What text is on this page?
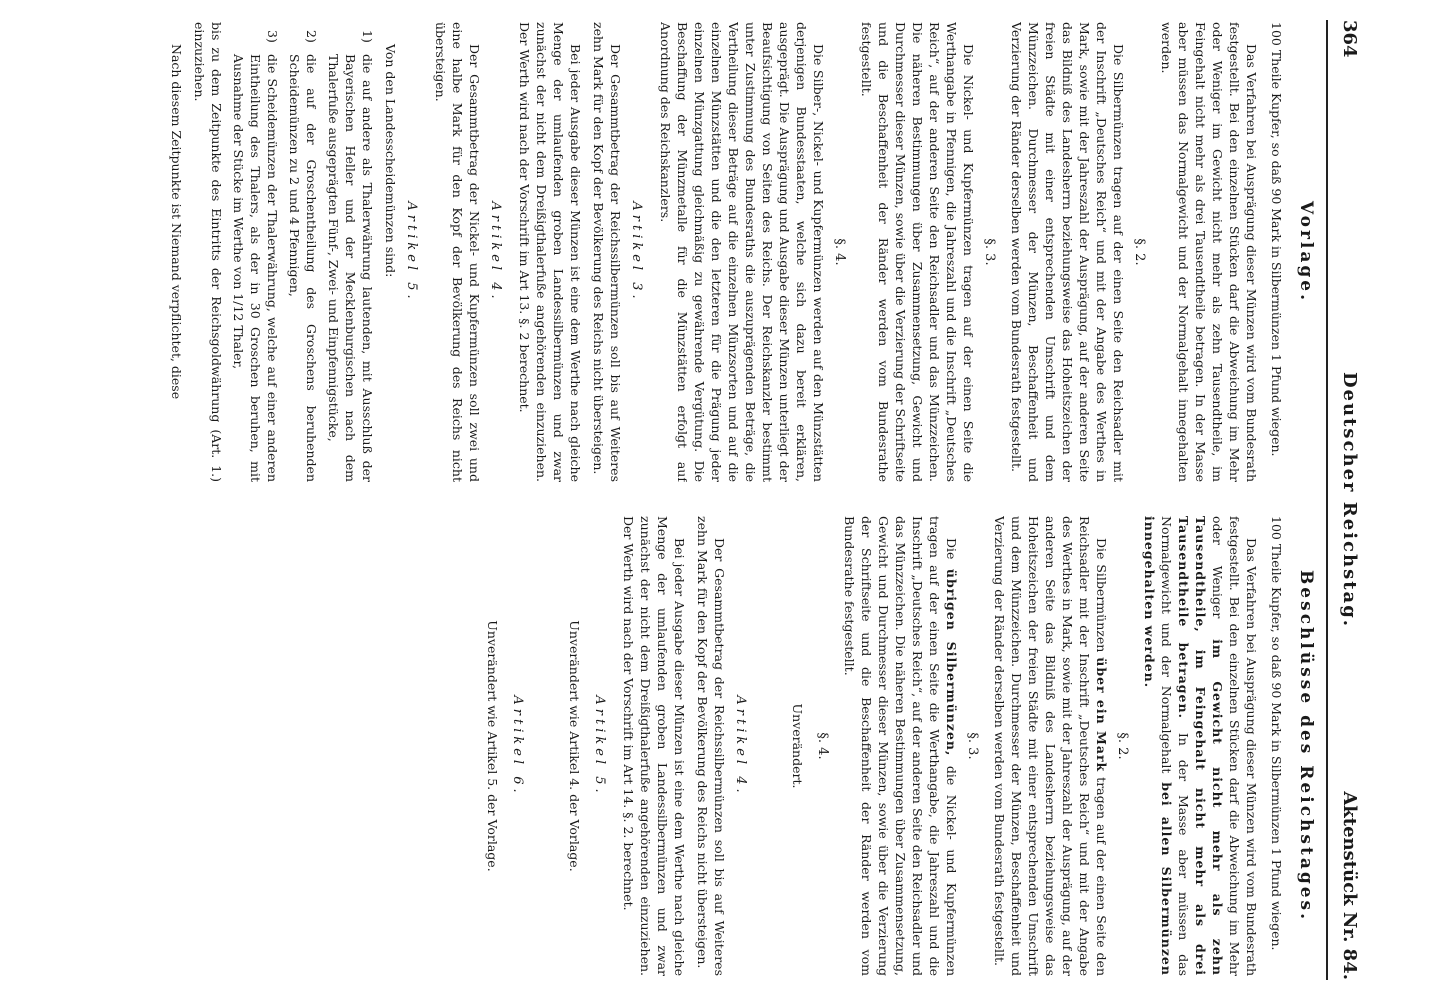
364
Deutscher Reichstag.
Aktenstück Nr. 84.
Vorlage.

100 Theile Kupfer, so daß 90 Mark in Silbermünzen 1 Pfund wiegen.

Das Verfahren bei Ausprägung dieser Münzen wird vom Bundesrath festgestellt. Bei den einzelnen Stücken darf die Abweichung im Mehr oder Weniger im Gewicht nicht mehr als zehn Tausendtheile, im Feingehalt nicht mehr als drei Tausendtheile betragen. In der Masse aber müssen das Normalgewicht und der Normalgehalt innegehalten werden.

§. 2.

Die Silbermünzen tragen auf der einen Seite den Reichsadler mit der Inschrift „Deutsches Reich“ und mit der Angabe des Werthes in Mark, sowie mit der Jahreszahl der Ausprägung, auf der anderen Seite das Bildniß des Landesherrn beziehungsweise das Hoheitszeichen der freien Städte mit einer entsprechenden Umschrift und dem Münzzeichen. Durchmesser der Münzen, Beschaffenheit und Verzierung der Ränder derselben werden vom Bundesrath festgestellt.

§. 3.

Die Nickel- und Kupfermünzen tragen auf der einen Seite die Werthangabe in Pfennigen, die Jahreszahl und die Inschrift „Deutsches Reich“, auf der anderen Seite den Reichsadler und das Münzzeichen. Die näheren Bestimmungen über Zusammensetzung, Gewicht und Durchmesser dieser Münzen, sowie über die Verzierung der Schriftseite und die Beschaffenheit der Ränder werden vom Bundesrathe festgestellt.

§. 4.

Die Silber-, Nickel- und Kupfermünzen werden auf den Münzstätten derjenigen Bundesstaaten, welche sich dazu bereit erklären, ausgeprägt. Die Ausprägung und Ausgabe dieser Münzen unterliegt der Beaufsichtigung von Seiten des Reichs. Der Reichskanzler bestimmt unter Zustimmung des Bundesraths die auszuprägenden Beträge, die Vertheilung dieser Beträge auf die einzelnen Münzsorten und auf die einzelnen Münzstätten und die den letzteren für die Prägung jeder einzelnen Münzgattung gleichmäßig zu gewährende Vergütung. Die Beschaffung der Münzmetalle für die Münzstätten erfolgt auf Anordnung des Reichskanzlers.

Artikel 3.

Der Gesammtbetrag der Reichssilbermünzen soll bis auf Weiteres zehn Mark für den Kopf der Bevölkerung des Reichs nicht übersteigen.

Bei jeder Ausgabe dieser Münzen ist eine dem Werthe nach gleiche Menge der umlaufenden groben Landessilbermünzen und zwar zunächst der nicht dem Dreißigthalerfuße angehörenden einzuziehen. Der Werth wird nach der Vorschrift im Art 13. §. 2 berechnet.

Artikel 4.

Der Gesammtbetrag der Nickel- und Kupfermünzen soll zwei und eine halbe Mark für den Kopf der Bevölkerung des Reichs nicht übersteigen.

Artikel 5.

Von den Landesscheidemünzen sind:

1)
die auf andere als Thalerwährung lautenden, mit Ausschluß der Bayerischen Heller und der Mecklenburgischen nach dem Thalerfuße ausgeprägten Fünf-, Zwei- und Einpfennigstücke,

2)
die auf der Groschentheilung des Groschens beruhenden Scheidemünzen zu 2 und 4 Pfennigen,

3)
die Scheidemünzen der Thalerwährung, welche auf einer anderen Eintheilung des Thalers, als der in 30 Groschen beruhen, mit Ausnahme der Stücke im Werthe von 1/12 Thaler,

bis zu dem Zeitpunkte des Eintritts der Reichsgoldwährung (Art. 1.) einzuziehen.

Nach diesem Zeitpunkte ist Niemand verpflichtet, diese

Beschlüsse des Reichstages.

100 Theile Kupfer, so daß 90 Mark in Silbermünzen 1 Pfund wiegen.

Das Verfahren bei Ausprägung dieser Münzen wird vom Bundesrath festgestellt. Bei den einzelnen Stücken darf die Abweichung im Mehr oder Weniger im Gewicht nicht mehr als zehn Tausendtheile, im Feingehalt nicht mehr als drei Tausendtheile betragen. In der Masse aber müssen das Normalgewicht und der Normalgehalt bei allen Silbermünzen innegehalten werden.

§. 2.

Die Silbermünzen über ein Mark tragen auf der einen Seite den Reichsadler mit der Inschrift „Deutsches Reich“ und mit der Angabe des Werthes in Mark, sowie mit der Jahreszahl der Ausprägung, auf der anderen Seite das Bildniß des Landesherrn beziehungsweise das Hoheitszeichen der freien Städte mit einer entsprechenden Umschrift und dem Münzzeichen. Durchmesser der Münzen, Beschaffenheit und Verzierung der Ränder derselben werden vom Bundesrath festgestellt.

§. 3.

Die übrigen Silbermünzen, die Nickel- und Kupfermünzen tragen auf der einen Seite die Werthangabe, die Jahreszahl und die Inschrift „Deutsches Reich“, auf der anderen Seite den Reichsadler und das Münzzeichen. Die näheren Bestimmungen über Zusammensetzung, Gewicht und Durchmesser dieser Münzen, sowie über die Verzierung der Schriftseite und die Beschaffenheit der Ränder werden vom Bundesrathe festgestellt.

§. 4.

Unverändert.

Artikel 4.

Der Gesammtbetrag der Reichssilbermünzen soll bis auf Weiteres zehn Mark für den Kopf der Bevölkerung des Reichs nicht übersteigen.

Bei jeder Ausgabe dieser Münzen ist eine dem Werthe nach gleiche Menge der umlaufenden groben Landessilbermünzen und zwar zunächst der nicht dem Dreißigthalerfuße angehörenden einzuziehen. Der Werth wird nach der Vorschrift im Art 14. §. 2. berechnet.

Artikel 5.

Unverändert wie Artikel 4. der Vorlage.

Artikel 6.

Unverändert wie Artikel 5. der Vorlage.
